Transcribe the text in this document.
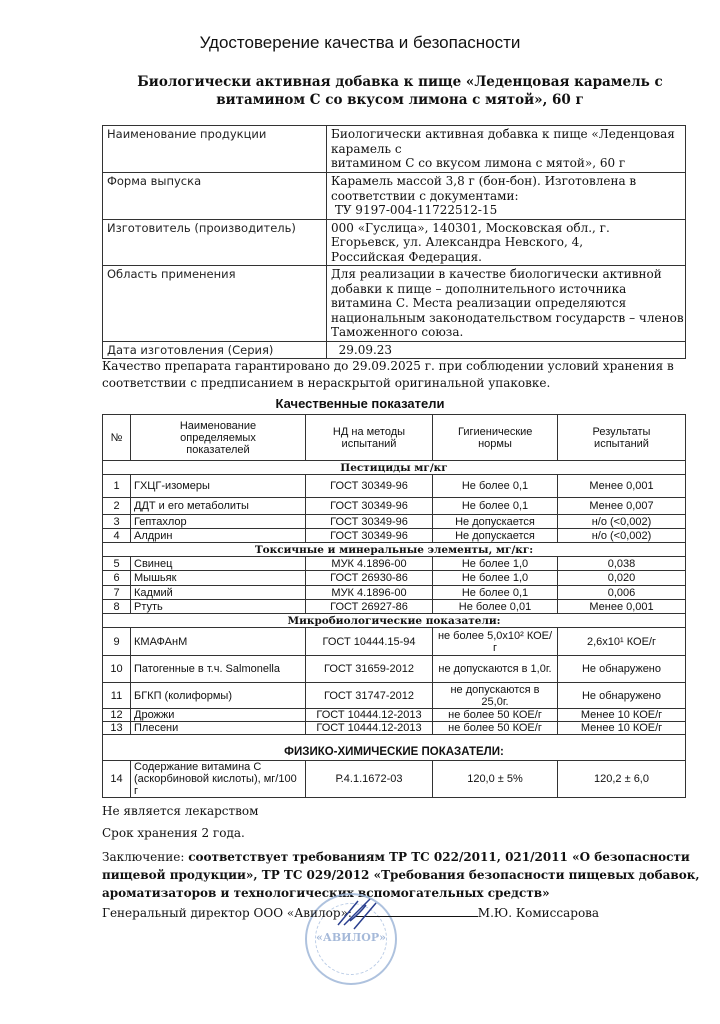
Удостоверение качества и безопасности
Биологически активная добавка к пище «Леденцовая карамель с
витамином С со вкусом лимона с мятой», 60 г
Наименование продукции	Биологически активная добавка к пище «Леденцовая
карамель с
витамином С со вкусом лимона с мятой», 60 г

Форма выпуска	Карамель массой 3,8 г (бон-бон). Изготовлена в
соответствии с документами:
ТУ 9197-004-11722512-15

Изготовитель (производитель)	000 «Гуслица», 140301, Московская обл., г.
Егорьевск, ул. Александра Невского, 4,
Российская Федерация.

Область применения	Для реализации в качестве биологически активной
добавки к пище – дополнительного источника
витамина С. Места реализации определяются
национальным законодательством государств – членов
Таможенного союза.

Дата изготовления (Серия)	29.09.23
Качество препарата гарантировано до 29.09.2025 г. при соблюдении условий хранения в соответствии с предписанием в нераскрытой оригинальной упаковке.
Качественные показатели
№	Наименование определяемых показателей	НД на методы испытаний	Гигиенические нормы	Результаты испытаний
Пестициды мг/кг				
1	ГХЦГ-изомеры	ГОСТ 30349-96	Не более 0,1	Менее 0,001
2	ДДТ и его метаболиты	ГОСТ 30349-96	Не более 0,1	Менее 0,007
3	Гептахлор	ГОСТ 30349-96	Не допускается	н/о (<0,002)
4	Алдрин	ГОСТ 30349-96	Не допускается	н/о (<0,002)
Токсичные и минеральные элементы, мг/кг:				
5	Свинец	МУК 4.1896-00	Не более 1,0	0,038
6	Мышьяк	ГОСТ 26930-86	Не более 1,0	0,020
7	Кадмий	МУК 4.1896-00	Не более 0,1	0,006
8	Ртуть	ГОСТ 26927-86	Не более 0,01	Менее 0,001
Микробиологические показатели:				
9	КМАФАнМ	ГОСТ 10444.15-94	не более 5,0х10² КОЕ/г	2,6х10¹ КОЕ/г
10	Патогенные в т.ч. Salmonella	ГОСТ 31659-2012	не допускаются в 1,0г.	Не обнаружено
11	БГКП (колиформы)	ГОСТ 31747-2012	не допускаются в 25,0г.	Не обнаружено
12	Дрожжи	ГОСТ 10444.12-2013	не более 50 КОЕ/г	Менее 10 КОЕ/г
13	Плесени	ГОСТ 10444.12-2013	не более 50 КОЕ/г	Менее 10 КОЕ/г
ФИЗИКО-ХИМИЧЕСКИЕ ПОКАЗАТЕЛИ:				
14	Содержание витамина С (аскорбиновой кислоты), мг/100 г	Р.4.1.1672-03	120,0 ± 5%	120,2 ± 6,0
Не является лекарством
Срок хранения 2 года.
Заключение: соответствует требованиям ТР ТС 022/2011, 021/2011 «О безопасности пищевой продукции», ТР ТС 029/2012 «Требования безопасности пищевых добавок, ароматизаторов и технологических вспомогательных средств»
«АВИЛОР»
Генеральный директор ООО «Авилор»:	М.Ю. Комиссарова
